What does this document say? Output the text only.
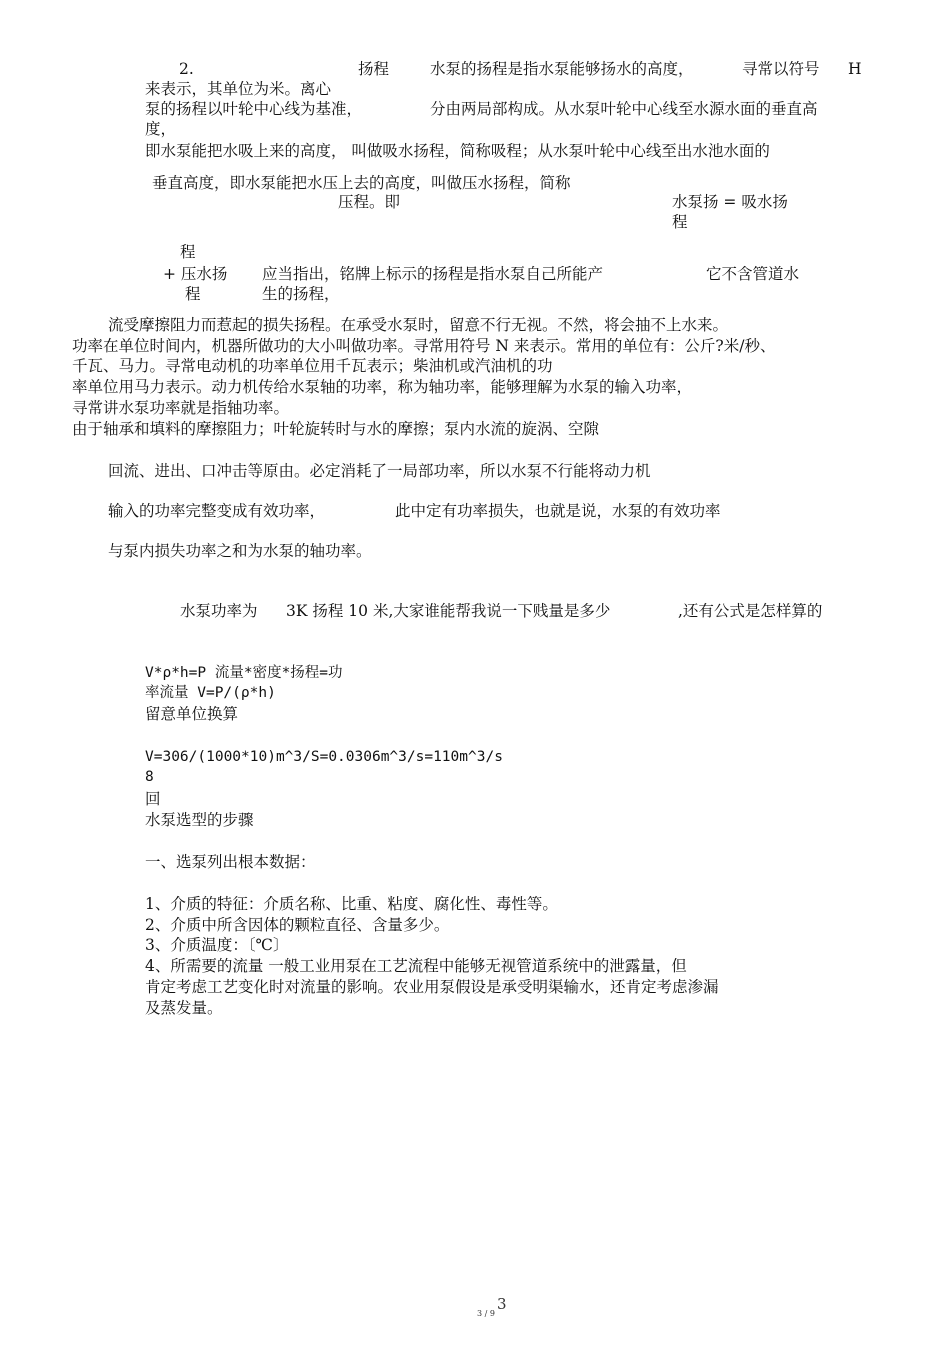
2.	扬程	水泵的扬程是指水泵能够扬水的高度，	寻常以符号 H
来表示，其单位为米。离心
泵的扬程以叶轮中心线为基准，	分由两局部构成。从水泵叶轮中心线至水源水面的垂直高
度，
即水泵能把水吸上来的高度， 叫做吸水扬程，简称吸程；从水泵叶轮中心线至出水池水面的
垂直高度，即水泵能把水压上去的高度，叫做压水扬程，简称
压程。即	水泵扬 = 吸水扬
程
程
+ 压水扬
程
应当指出，铭牌上标示的扬程是指水泵自己所能产
生的扬程，
它不含管道水
流受摩擦阻力而惹起的损失扬程。在承受水泵时，留意不行无视。不然，将会抽不上水来。
功率在单位时间内，机器所做功的大小叫做功率。寻常用符号 N 来表示。常用的单位有：公斤?米/秒、
千瓦、马力。寻常电动机的功率单位用千瓦表示；柴油机或汽油机的功
率单位用马力表示。动力机传给水泵轴的功率，称为轴功率，能够理解为水泵的输入功率，
寻常讲水泵功率就是指轴功率。
由于轴承和填料的摩擦阻力；叶轮旋转时与水的摩擦；泵内水流的旋涡、空隙
回流、进出、口冲击等原由。必定消耗了一局部功率，所以水泵不行能将动力机
输入的功率完整变成有效功率，	此中定有功率损失，也就是说，水泵的有效功率
与泵内损失功率之和为水泵的轴功率。
水泵功率为 3K 扬程 10 米,大家谁能帮我说一下贱量是多少	,还有公式是怎样算的
V*ρ*h=P 流量*密度*扬程=功
率流量 V=P/(ρ*h)
留意单位换算
V=306/(1000*10)m^3/S=0.0306m^3/s=110m^3/s
8
回
水泵选型的步骤
一、选泵列出根本数据：
1、介质的特征：介质名称、比重、粘度、腐化性、毒性等。
2、介质中所含因体的颗粒直径、含量多少。
3、介质温度：〔℃〕
4、所需要的流量 一般工业用泵在工艺流程中能够无视管道系统中的泄露量，但
肯定考虑工艺变化时对流量的影响。农业用泵假设是承受明渠输水，还肯定考虑渗漏
及蒸发量。
3 / 9
3
